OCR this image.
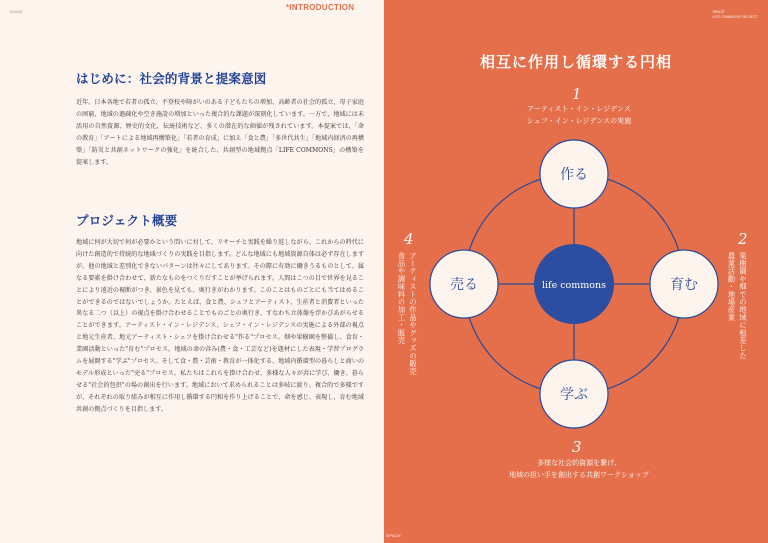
00000	*INTRODUCTION
はじめに：社会的背景と提案意図

近年、日本各地で若者の孤立、不登校や障がいのある子どもたちの増加、高齢者の社会的孤立、母子家庭の困窮、地域の過疎化や空き施設の増加といった複合的な課題が深刻化しています。一方で、地域には未活用の自然資源、歴史的文化、伝統技術など、多くの潜在的な価値が残されています。本提案では、「命の教育」「アートによる地域再構築化」「若者の育成」に加え「食と農」「多世代共生」「地域内経済の再構築」「防災と共創ネットワークの強化」を統合した、共創型の地域拠点「LIFE COMMONS」の構築を提案します。

プロジェクト概要

地域に何が大切で何が必要かという問いに対して、リサーチと実践を繰り返しながら、これからの時代に向けた創造的で持続的な地域づくりの実践を目指します。どんな地域にも地域資源自体は必ず存在しますが、他の地域と差別化できないパターンは往々にしてあります。その際に有効に働きうるものとして、属なる要素を掛け合わせて、新たなものをつくりだすことが挙げられます。人間はこつの目で世界を見ることにより遠近の視断がつき、景色を見ても、奥行きがわかります。このことはものごとにも当てはめることができるのではないでしょうか。たとえば、食と農、シェフとアーティスト、生産者と消費者といった異なる二つ（以上）の視点を掛け合わせることでものごとの奥行き、すなわち立体像を浮かびあがらせることができます。アーティスト・イン・レジデンス、シェフ・イン・レジデンスの実施による外部の視点と地元生産者、地元アーティスト・シェフを掛け合わせる"作る"プロセス。畑や果樹園を整備し、食育・業園活動といった"育む"プロセス。地域の命の営み(農・食・工芸など)を題材にした表現・学習プログラムを展開する"学ぶ"プロセス。そして食・農・芸術・教育が一体化する、地域内循環型の暮らしと商いのモデル形成といった"売る"プロセス。私たちはこれらを掛け合わせ、多様な人々が共に学び、働き、暮らせる"社会的包摂"の場の創出を行います。地域において求められることは多岐に渡り、複合的で多様ですが、それぞれの取り組みが相互に作用し循環する円相を作り上げることで、命を感じ、表現し、育む地域共創の拠点づくりを目指します。

SPACE
LIFE COMMONS PROJECT
SPACE
相互に作用し循環する円相
作る
育む
学ぶ
売る	life commons
1
アーティスト・イン・レジデンス
シェフ・イン・レジデンスの実施
3
多様な社会的資源を繋げ、
地域の担い手を創出する共創ワークショップ
4
アーティストの作品やグッズの販売
食品や調味料の加工・販売
2
果樹園や畑での地域に根差した
農業活動・地場産業
